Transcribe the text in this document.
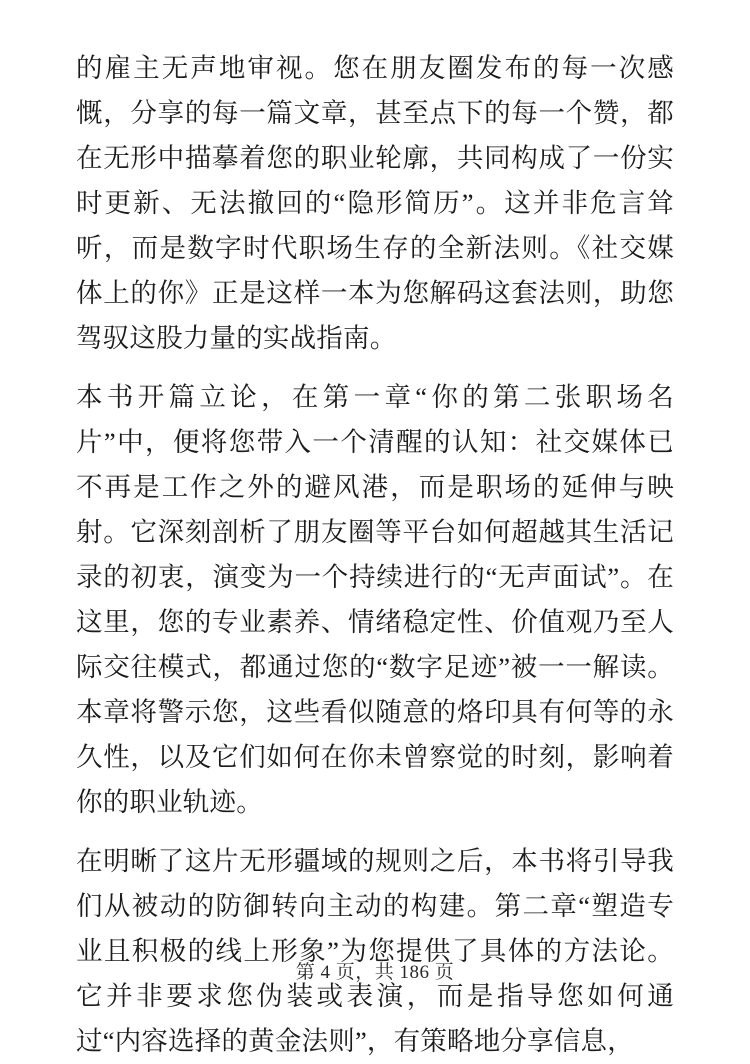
的雇主无声地审视。您在朋友圈发布的每一次感慨，分享的每一篇文章，甚至点下的每一个赞，都在无形中描摹着您的职业轮廓，共同构成了一份实时更新、无法撤回的“隐形简历”。这并非危言耸听，而是数字时代职场生存的全新法则。《社交媒体上的你》正是这样一本为您解码这套法则，助您驾驭这股力量的实战指南。

本书开篇立论，在第一章“你的第二张职场名片”中，便将您带入一个清醒的认知：社交媒体已不再是工作之外的避风港，而是职场的延伸与映射。它深刻剖析了朋友圈等平台如何超越其生活记录的初衷，演变为一个持续进行的“无声面试”。在这里，您的专业素养、情绪稳定性、价值观乃至人际交往模式，都通过您的“数字足迹”被一一解读。本章将警示您，这些看似随意的烙印具有何等的永久性，以及它们如何在你未曾察觉的时刻，影响着你的职业轨迹。

在明晰了这片无形疆域的规则之后，本书将引导我们从被动的防御转向主动的构建。第二章“塑造专业且积极的线上形象”为您提供了具体的方法论。它并非要求您伪装或表演，而是指导您如何通过“内容选择的黄金法则”，有策略地分享信息，

第 4 页，共 186 页
